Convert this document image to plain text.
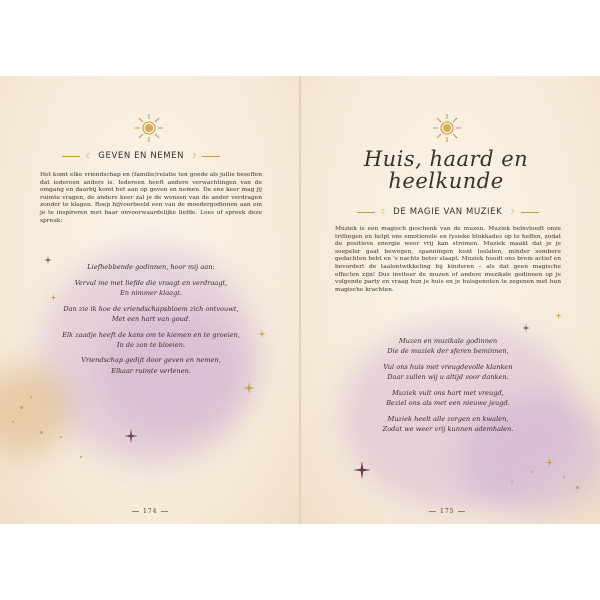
☾ GEVEN EN NEMEN ☽
Het komt elke vriendschap en (familie)relatie ten goede als jullie beseffen dat iedereen anders is. Iedereen heeft andere verwachtingen van de omgang en daarbij komt het aan op geven en nemen. De ene keer mag jij ruimte vragen, de andere keer zal je de wensen van de ander verdragen zonder te klagen. Roep hijvoorbeeld een van de moedergodinnen aan om je te inspireren met haar onvoorwaardelijke liefde. Lees of spreek deze spreuk:
Liefhebbende godinnen, hoor mij aan:
Vervul me met liefde die vraagt en verdraagt,
En nimmer klaagt.
Dan zie ik hoe de vriendschapsbloem zich ontvouwt,
Met een hart van goud.
Elk zaadje heeft de kans om te kiemen en te groeien,
In de zon te bloeien.
Vriendschap gedijt door geven en nemen,
Elkaar ruimte verlenen.
174
Huis, haard en
heelkunde
☾ DE MAGIE VAN MUZIEK ☽
Muziek is een magisch geschenk van de muzen. Muziek beïnvloedt onze trillingen en helpt ons emotionele en fysieke blokkades op te heffen, zodat de positieve energie weer vrij kan stromen. Muziek maakt dat je je soepeler gaat bewegen, spanningen kunt loslaten, minder sombere gedachten hebt en 's nachts beter slaapt. Muziek houdt ons brein actief en bevordert de taalontwikkeling bij kinderen – als dat geen magische effecten zijn! Dus inviteer de muzen of andere muzikale godinnen op je volgende party en vraag hun je huis en je huisgenoten te zegenen met hun magische krachten.
Muzen en muzikale godinnen
Die de muziek der sferen beminnen,
Vul ons huis met vreugdevolle klanken
Daar zullen wij u altijd voor danken.
Muziek vult ons hart met vreugd,
Beziel ons als met een nieuwe jeugd.
Muziek heelt alle zorgen en kwalen,
Zodat we weer vrij kunnen ademhalen.
175
